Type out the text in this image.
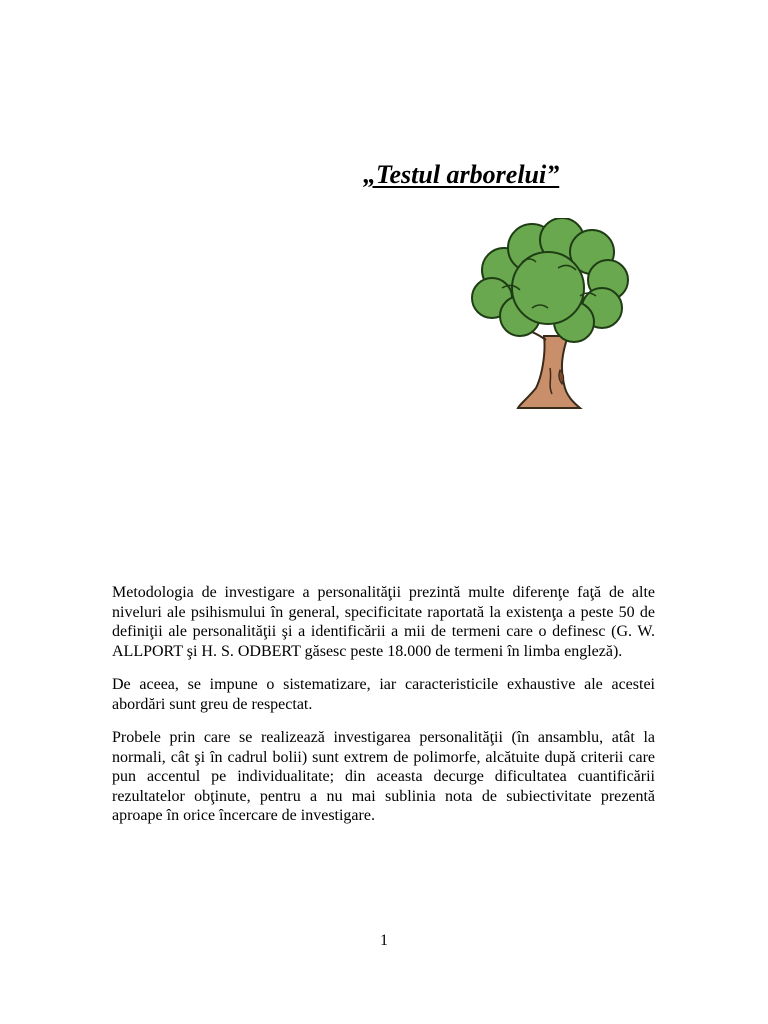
„Testul arborelui”

Metodologia de investigare a personalităţii prezintă multe diferenţe faţă de alte niveluri ale psihismului în general, specificitate raportată la existenţa a peste 50 de definiţii ale personalităţii şi a identificării a mii de termeni care o definesc (G. W. ALLPORT şi H. S. ODBERT găsesc peste 18.000 de termeni în limba engleză).

De aceea, se impune o sistematizare, iar caracteristicile exhaustive ale acestei abordări sunt greu de respectat.

Probele prin care se realizează investigarea personalităţii (în ansamblu, atât la normali, cât şi în cadrul bolii) sunt extrem de polimorfe, alcătuite după criterii care pun accentul pe individualitate; din aceasta decurge dificultatea cuantificării rezultatelor obţinute, pentru a nu mai sublinia nota de subiectivitate prezentă aproape în orice încercare de investigare.

1
